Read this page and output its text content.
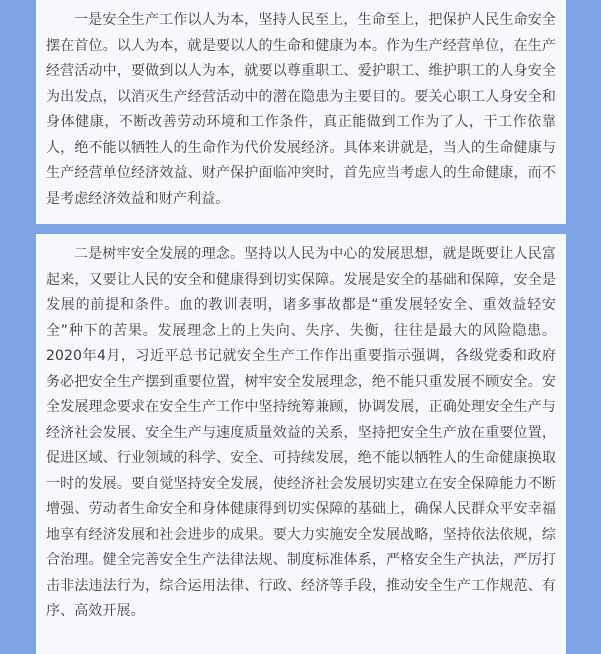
一是安全生产工作以人为本，坚持人民至上，生命至上，把保护人民生命安全摆在首位。以人为本，就是要以人的生命和健康为本。作为生产经营单位，在生产经营活动中，要做到以人为本，就要以尊重职工、爱护职工、维护职工的人身安全为出发点，以消灭生产经营活动中的潜在隐患为主要目的。要关心职工人身安全和身体健康，不断改善劳动环境和工作条件，真正能做到工作为了人，干工作依靠人，绝不能以牺牲人的生命作为代价发展经济。具体来讲就是，当人的生命健康与生产经营单位经济效益、财产保护面临冲突时，首先应当考虑人的生命健康，而不是考虑经济效益和财产利益。

二是树牢安全发展的理念。坚持以人民为中心的发展思想，就是既要让人民富起来，又要让人民的安全和健康得到切实保障。发展是安全的基础和保障，安全是发展的前提和条件。血的教训表明，诸多事故都是“重发展轻安全、重效益轻安全”种下的苦果。发展理念上的上失向、失序、失衡，往往是最大的风险隐患。2020年4月，习近平总书记就安全生产工作作出重要指示强调，各级党委和政府务必把安全生产摆到重要位置，树牢安全发展理念，绝不能只重发展不顾安全。安全发展理念要求在安全生产工作中坚持统筹兼顾，协调发展，正确处理安全生产与经济社会发展、安全生产与速度质量效益的关系，坚持把安全生产放在重要位置，促进区域、行业领域的科学、安全、可持续发展，绝不能以牺牲人的生命健康换取一时的发展。要自觉坚持安全发展，使经济社会发展切实建立在安全保障能力不断增强、劳动者生命安全和身体健康得到切实保障的基础上，确保人民群众平安幸福地享有经济发展和社会进步的成果。要大力实施安全发展战略，坚持依法依规，综合治理。健全完善安全生产法律法规、制度标准体系，严格安全生产执法，严厉打击非法违法行为，综合运用法律、行政、经济等手段，推动安全生产工作规范、有序、高效开展。
